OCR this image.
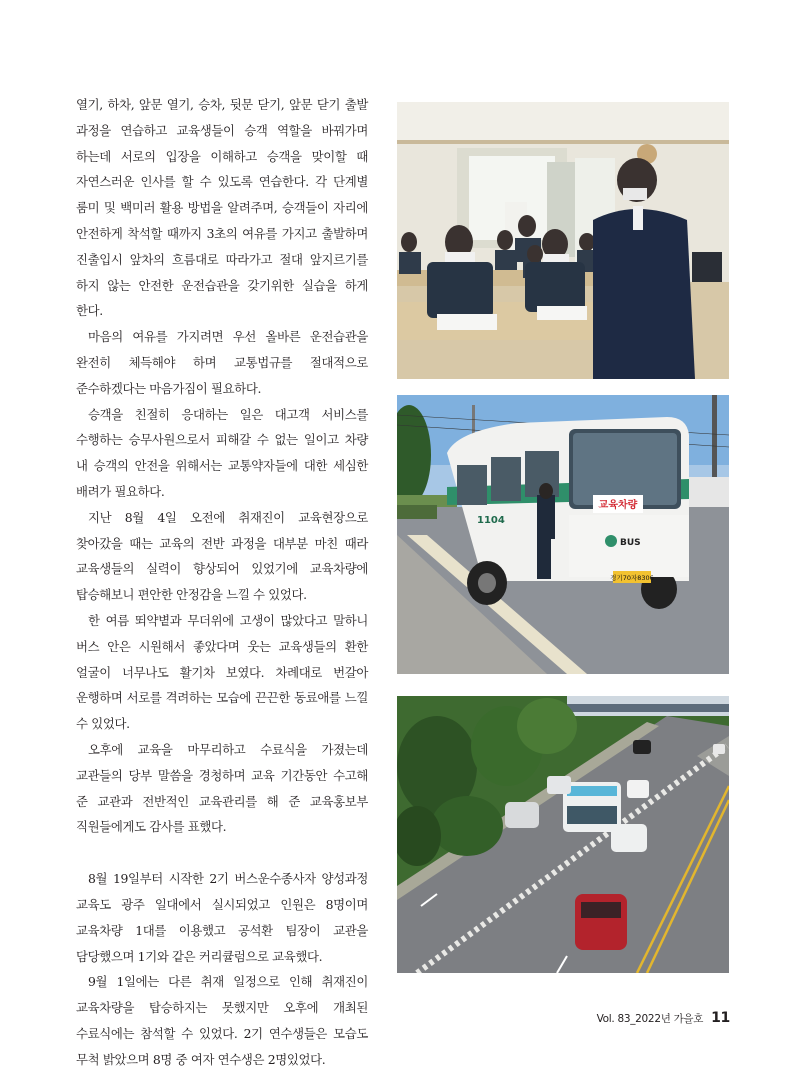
열기, 하차, 앞문 열기, 승차, 뒷문 닫기, 앞문 닫기 출발 과정을 연습하고 교육생들이 승객 역할을 바꿔가며 하는데 서로의 입장을 이해하고 승객을 맞이할 때 자연스러운 인사를 할 수 있도록 연습한다. 각 단계별 룸미 및 백미러 활용 방법을 알려주며, 승객들이 자리에 안전하게 착석할 때까지 3초의 여유를 가지고 출발하며 진출입시 앞차의 흐름대로 따라가고 절대 앞지르기를 하지 않는 안전한 운전습관을 갖기위한 실습을 하게 한다.

마음의 여유를 가지려면 우선 올바른 운전습관을 완전히 체득해야 하며 교통법규를 절대적으로 준수하겠다는 마음가짐이 필요하다.

승객을 친절히 응대하는 일은 대고객 서비스를 수행하는 승무사원으로서 피해갈 수 없는 일이고 차량 내 승객의 안전을 위해서는 교통약자들에 대한 세심한 배려가 필요하다.

지난 8월 4일 오전에 취재진이 교육현장으로 찾아갔을 때는 교육의 전반 과정을 대부분 마친 때라 교육생들의 실력이 향상되어 있었기에 교육차량에 탑승해보니 편안한 안정감을 느낄 수 있었다.

한 여름 뙤약볕과 무더위에 고생이 많았다고 말하니 버스 안은 시원해서 좋았다며 웃는 교육생들의 환한 얼굴이 너무나도 활기차 보였다. 차례대로 번갈아 운행하며 서로를 격려하는 모습에 끈끈한 동료애를 느낄 수 있었다.

오후에 교육을 마무리하고 수료식을 가졌는데 교관들의 당부 말씀을 경청하며 교육 기간동안 수고해 준 교관과 전반적인 교육관리를 해 준 교육홍보부 직원들에게도 감사를 표했다.

8월 19일부터 시작한 2기 버스운수종사자 양성과정 교육도 광주 일대에서 실시되었고 인원은 8명이며 교육차량 1대를 이용했고 공석환 팀장이 교관을 담당했으며 1기와 같은 커리큘럼으로 교육했다.

9월 1일에는 다른 취재 일정으로 인해 취재진이 교육차량을 탑승하지는 못했지만 오후에 개최된 수료식에는 참석할 수 있었다. 2기 연수생들은 모습도 무척 밝았으며 8명 중 여자 연수생은 2명있었다.

교육차량
BUS
경기70자8306
1104
Vol. 83_2022년 가을호 11
